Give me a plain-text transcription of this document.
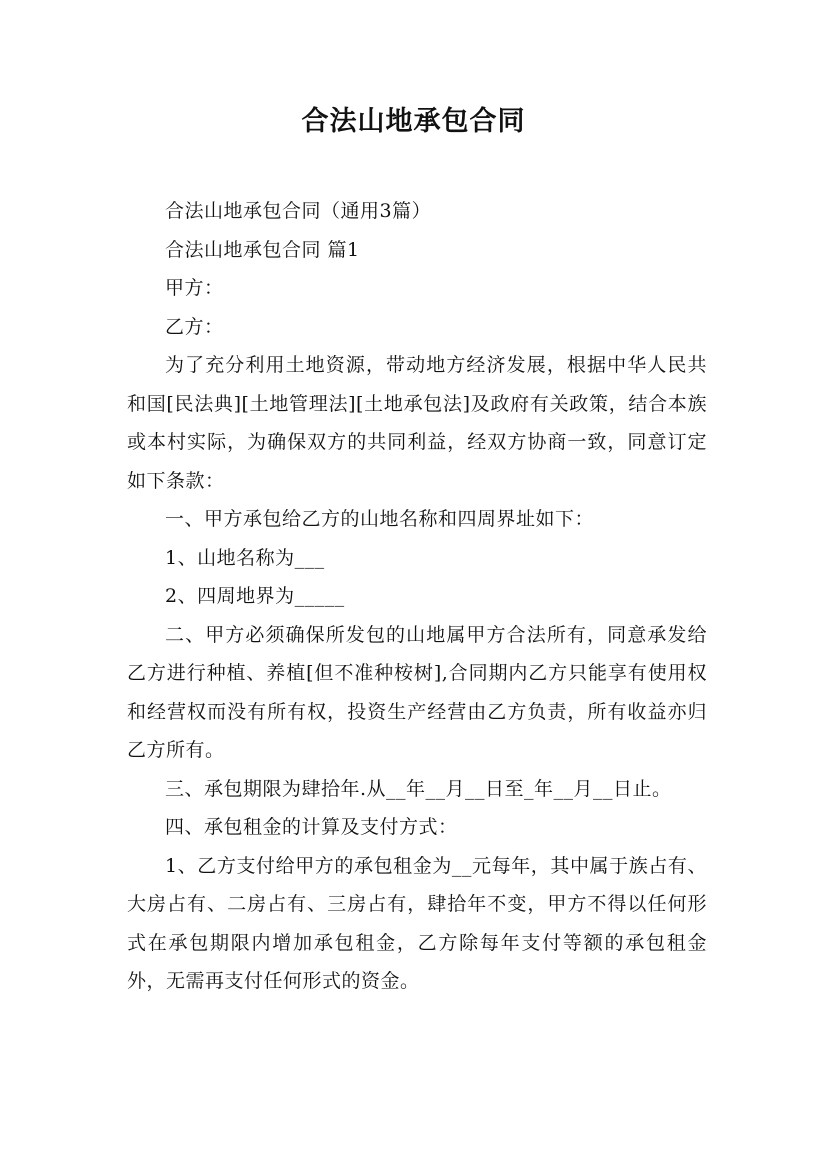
合法山地承包合同

合法山地承包合同（通用3篇）

合法山地承包合同 篇1

甲方：

乙方：

为了充分利用土地资源，带动地方经济发展，根据中华人民共和国[民法典][土地管理法][土地承包法]及政府有关政策，结合本族或本村实际，为确保双方的共同利益，经双方协商一致，同意订定如下条款：

一、甲方承包给乙方的山地名称和四周界址如下：

1、山地名称为___

2、四周地界为_____

二、甲方必须确保所发包的山地属甲方合法所有，同意承发给乙方进行种植、养植[但不准种桉树],合同期内乙方只能享有使用权和经营权而没有所有权，投资生产经营由乙方负责，所有收益亦归乙方所有。

三、承包期限为肆拾年.从__年__月__日至_年__月__日止。

四、承包租金的计算及支付方式：

1、乙方支付给甲方的承包租金为__元每年，其中属于族占有、大房占有、二房占有、三房占有，肆拾年不变，甲方不得以任何形式在承包期限内增加承包租金，乙方除每年支付等额的承包租金外，无需再支付任何形式的资金。
